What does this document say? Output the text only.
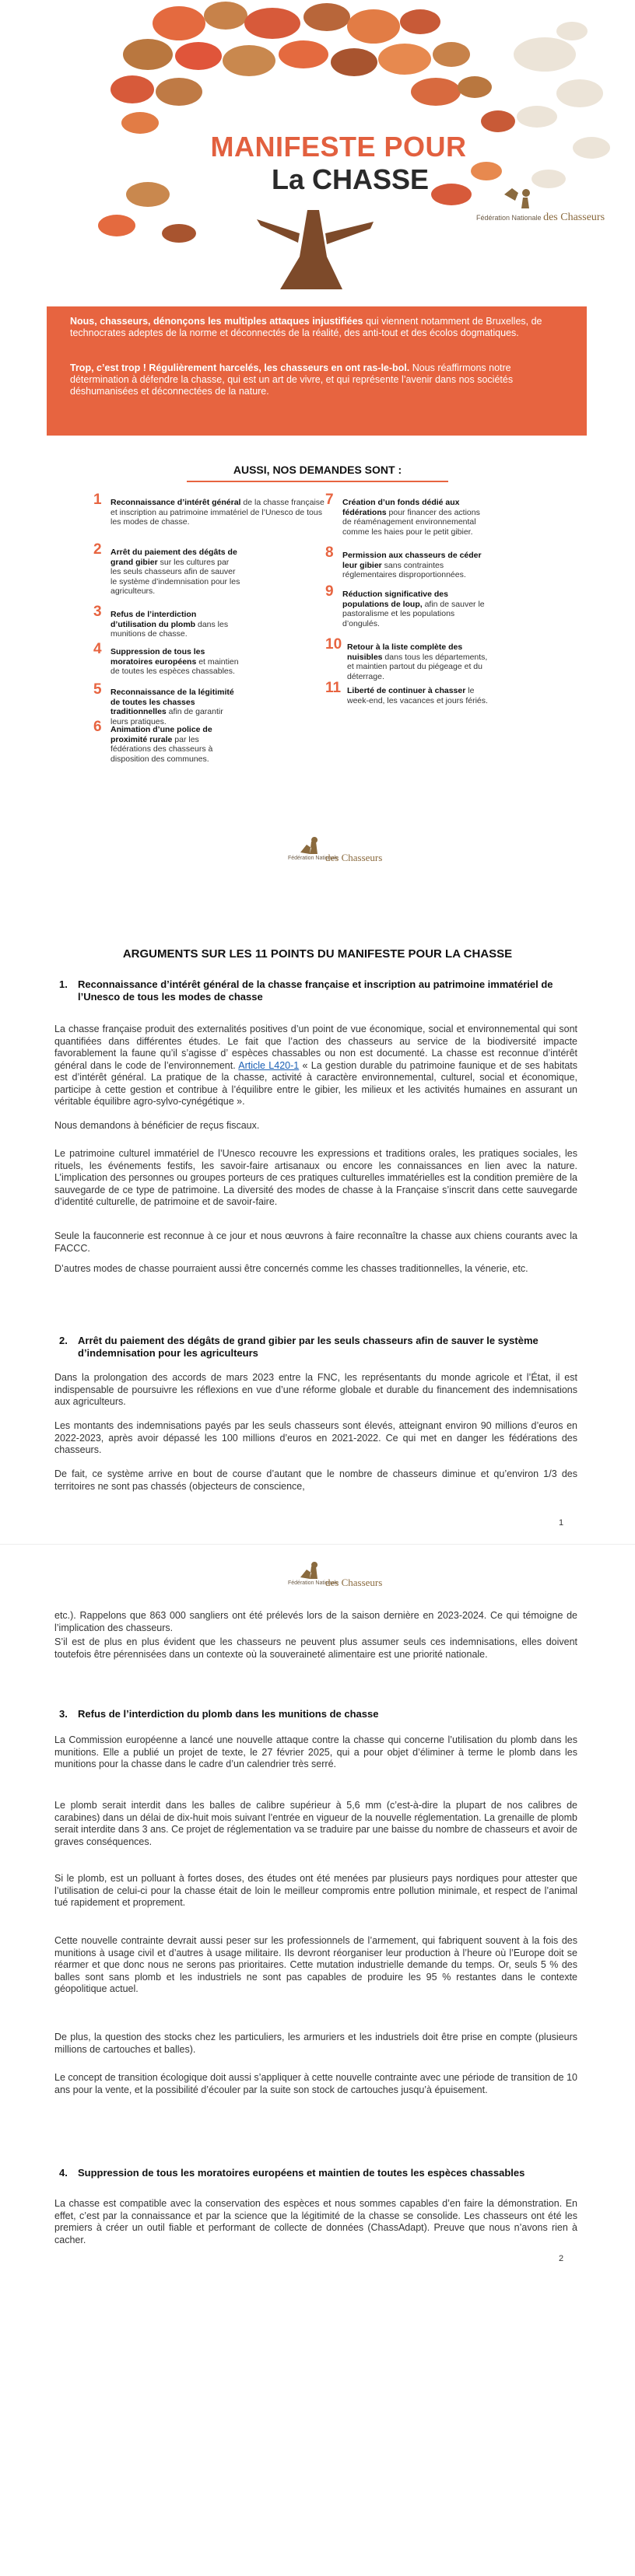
MANIFESTE POUR
La CHASSE
Fédération Nationale des Chasseurs

Nous, chasseurs, dénonçons les multiples attaques injustifiées qui viennent notamment de Bruxelles, de technocrates adeptes de la norme et déconnectés de la réalité, des anti-tout et des écolos dogmatiques.

Trop, c’est trop ! Régulièrement harcelés, les chasseurs en ont ras-le-bol. Nous réaffirmons notre détermination à défendre la chasse, qui est un art de vivre, et qui représente l’avenir dans nos sociétés déshumanisées et déconnectées de la nature.

AUSSI, NOS DEMANDES SONT :
1 Reconnaissance d’intérêt général de la chasse française et inscription au patrimoine immatériel de l’Unesco de tous les modes de chasse.
2 Arrêt du paiement des dégâts de grand gibier sur les cultures par les seuls chasseurs afin de sauver le système d’indemnisation pour les agriculteurs.
3 Refus de l’interdiction d’utilisation du plomb dans les munitions de chasse.
4 Suppression de tous les moratoires européens et maintien de toutes les espèces chassables.
5 Reconnaissance de la légitimité de toutes les chasses traditionnelles afin de garantir leurs pratiques.
6 Animation d’une police de proximité rurale par les fédérations des chasseurs à disposition des communes.
7 Création d’un fonds dédié aux fédérations pour financer des actions de réaménagement environnemental comme les haies pour le petit gibier.
8 Permission aux chasseurs de céder leur gibier sans contraintes réglementaires disproportionnées.
9 Réduction significative des populations de loup, afin de sauver le pastoralisme et les populations d’ongulés.
10 Retour à la liste complète des nuisibles dans tous les départements, et maintien partout du piégeage et du déterrage.
11 Liberté de continuer à chasser le week-end, les vacances et jours fériés.
Fédération Nationale
des Chasseurs
ARGUMENTS SUR LES 11 POINTS DU MANIFESTE POUR LA CHASSE
1. Reconnaissance d’intérêt général de la chasse française et inscription au patrimoine immatériel de l’Unesco de tous les modes de chasse
La chasse française produit des externalités positives d’un point de vue économique, social et environnemental qui sont quantifiées dans différentes études. Le fait que l’action des chasseurs au service de la biodiversité impacte favorablement la faune qu’il s’agisse d’ espèces chassables ou non est documenté. La chasse est reconnue d’intérêt général dans le code de l’environnement. Article L420-1 « La gestion durable du patrimoine faunique et de ses habitats est d’intérêt général. La pratique de la chasse, activité à caractère environnemental, culturel, social et économique, participe à cette gestion et contribue à l’équilibre entre le gibier, les milieux et les activités humaines en assurant un véritable équilibre agro-sylvo-cynégétique ».
Nous demandons à bénéficier de reçus fiscaux.
Le patrimoine culturel immatériel de l’Unesco recouvre les expressions et traditions orales, les pratiques sociales, les rituels, les événements festifs, les savoir-faire artisanaux ou encore les connaissances en lien avec la nature. L’implication des personnes ou groupes porteurs de ces pratiques culturelles immatérielles est la condition première de la sauvegarde de ce type de patrimoine. La diversité des modes de chasse à la Française s’inscrit dans cette sauvegarde d’identité culturelle, de patrimoine et de savoir-faire.
Seule la fauconnerie est reconnue à ce jour et nous œuvrons à faire reconnaître la chasse aux chiens courants avec la FACCC.
D’autres modes de chasse pourraient aussi être concernés comme les chasses traditionnelles, la vénerie, etc.
2. Arrêt du paiement des dégâts de grand gibier par les seuls chasseurs afin de sauver le système d’indemnisation pour les agriculteurs
Dans la prolongation des accords de mars 2023 entre la FNC, les représentants du monde agricole et l’État, il est indispensable de poursuivre les réflexions en vue d’une réforme globale et durable du financement des indemnisations aux agriculteurs.
Les montants des indemnisations payés par les seuls chasseurs sont élevés, atteignant environ 90 millions d’euros en 2022-2023, après avoir dépassé les 100 millions d’euros en 2021-2022. Ce qui met en danger les fédérations des chasseurs.
De fait, ce système arrive en bout de course d’autant que le nombre de chasseurs diminue et qu’environ 1/3 des territoires ne sont pas chassés (objecteurs de conscience,
1
Fédération Nationale
des Chasseurs
etc.). Rappelons que 863 000 sangliers ont été prélevés lors de la saison dernière en 2023-2024. Ce qui témoigne de l’implication des chasseurs.
S’il est de plus en plus évident que les chasseurs ne peuvent plus assumer seuls ces indemnisations, elles doivent toutefois être pérennisées dans un contexte où la souveraineté alimentaire est une priorité nationale.
3. Refus de l’interdiction du plomb dans les munitions de chasse
La Commission européenne a lancé une nouvelle attaque contre la chasse qui concerne l’utilisation du plomb dans les munitions. Elle a publié un projet de texte, le 27 février 2025, qui a pour objet d’éliminer à terme le plomb dans les munitions pour la chasse dans le cadre d’un calendrier très serré.
Le plomb serait interdit dans les balles de calibre supérieur à 5,6 mm (c’est-à-dire la plupart de nos calibres de carabines) dans un délai de dix-huit mois suivant l’entrée en vigueur de la nouvelle réglementation. La grenaille de plomb serait interdite dans 3 ans. Ce projet de réglementation va se traduire par une baisse du nombre de chasseurs et avoir de graves conséquences.
Si le plomb, est un polluant à fortes doses, des études ont été menées par plusieurs pays nordiques pour attester que l’utilisation de celui-ci pour la chasse était de loin le meilleur compromis entre pollution minimale, et respect de l’animal tué rapidement et proprement.
Cette nouvelle contrainte devrait aussi peser sur les professionnels de l’armement, qui fabriquent souvent à la fois des munitions à usage civil et d’autres à usage militaire. Ils devront réorganiser leur production à l’heure où l’Europe doit se réarmer et que donc nous ne serons pas prioritaires. Cette mutation industrielle demande du temps. Or, seuls 5 % des balles sont sans plomb et les industriels ne sont pas capables de produire les 95 % restantes dans le contexte géopolitique actuel.
De plus, la question des stocks chez les particuliers, les armuriers et les industriels doit être prise en compte (plusieurs millions de cartouches et balles).
Le concept de transition écologique doit aussi s’appliquer à cette nouvelle contrainte avec une période de transition de 10 ans pour la vente, et la possibilité d’écouler par la suite son stock de cartouches jusqu’à épuisement.
4. Suppression de tous les moratoires européens et maintien de toutes les espèces chassables
La chasse est compatible avec la conservation des espèces et nous sommes capables d’en faire la démonstration. En effet, c’est par la connaissance et par la science que la légitimité de la chasse se consolide. Les chasseurs ont été les premiers à créer un outil fiable et performant de collecte de données (ChassAdapt). Preuve que nous n’avons rien à cacher.
2
